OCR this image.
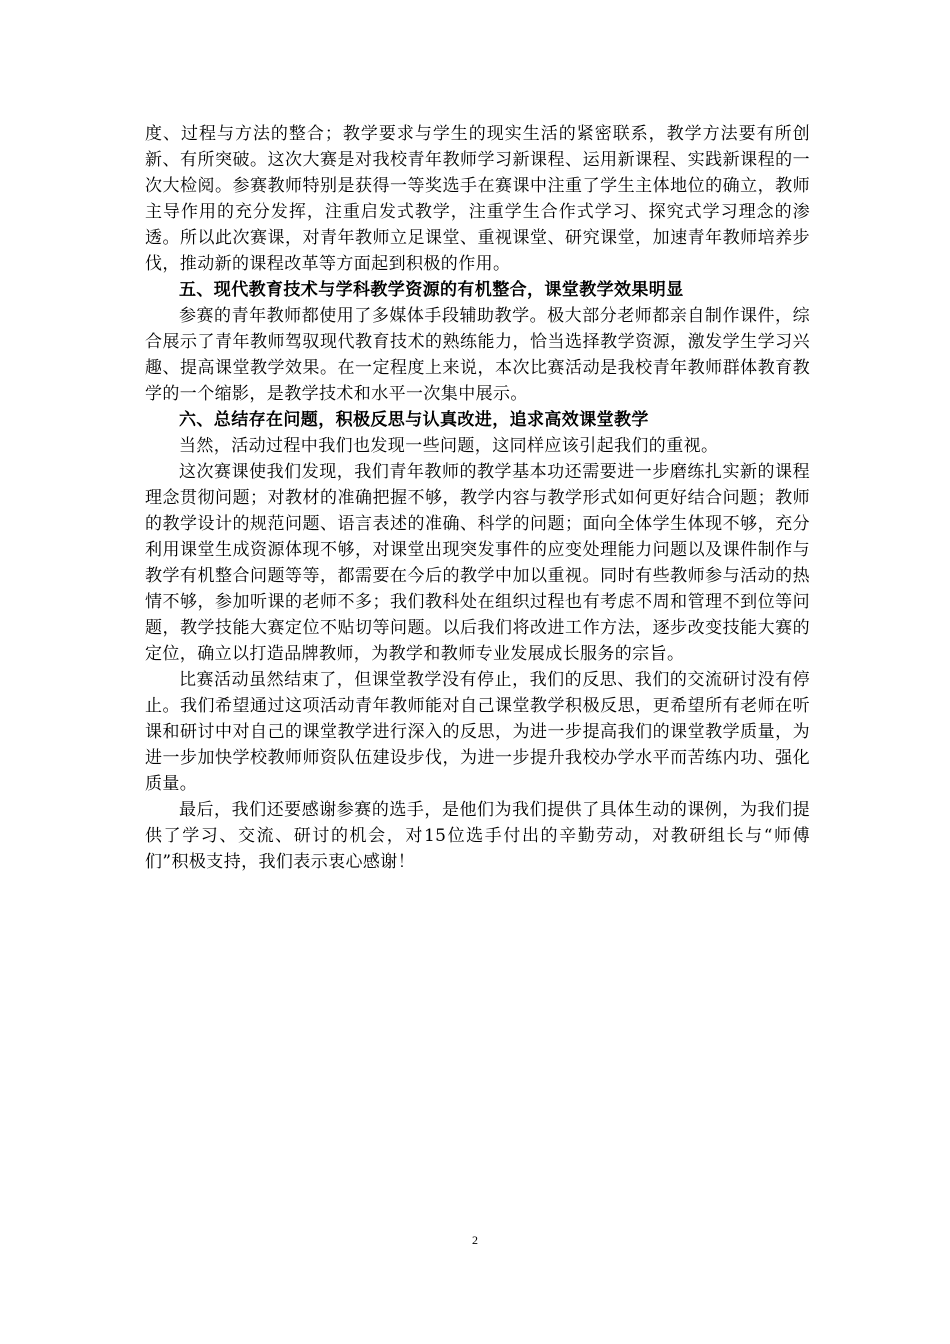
度、过程与方法的整合；教学要求与学生的现实生活的紧密联系，教学方法要有所创新、有所突破。这次大赛是对我校青年教师学习新课程、运用新课程、实践新课程的一次大检阅。参赛教师特别是获得一等奖选手在赛课中注重了学生主体地位的确立，教师主导作用的充分发挥，注重启发式教学，注重学生合作式学习、探究式学习理念的渗透。所以此次赛课，对青年教师立足课堂、重视课堂、研究课堂，加速青年教师培养步伐，推动新的课程改革等方面起到积极的作用。

五、现代教育技术与学科教学资源的有机整合，课堂教学效果明显

参赛的青年教师都使用了多媒体手段辅助教学。极大部分老师都亲自制作课件，综合展示了青年教师驾驭现代教育技术的熟练能力，恰当选择教学资源，激发学生学习兴趣、提高课堂教学效果。在一定程度上来说，本次比赛活动是我校青年教师群体教育教学的一个缩影，是教学技术和水平一次集中展示。

六、总结存在问题，积极反思与认真改进，追求高效课堂教学

当然，活动过程中我们也发现一些问题，这同样应该引起我们的重视。

这次赛课使我们发现，我们青年教师的教学基本功还需要进一步磨练扎实新的课程理念贯彻问题；对教材的准确把握不够，教学内容与教学形式如何更好结合问题；教师的教学设计的规范问题、语言表述的准确、科学的问题；面向全体学生体现不够，充分利用课堂生成资源体现不够，对课堂出现突发事件的应变处理能力问题以及课件制作与教学有机整合问题等等，都需要在今后的教学中加以重视。同时有些教师参与活动的热情不够，参加听课的老师不多；我们教科处在组织过程也有考虑不周和管理不到位等问题，教学技能大赛定位不贴切等问题。以后我们将改进工作方法，逐步改变技能大赛的定位，确立以打造品牌教师，为教学和教师专业发展成长服务的宗旨。

比赛活动虽然结束了，但课堂教学没有停止，我们的反思、我们的交流研讨没有停止。我们希望通过这项活动青年教师能对自己课堂教学积极反思，更希望所有老师在听课和研讨中对自己的课堂教学进行深入的反思，为进一步提高我们的课堂教学质量，为进一步加快学校教师师资队伍建设步伐，为进一步提升我校办学水平而苦练内功、强化质量。

最后，我们还要感谢参赛的选手，是他们为我们提供了具体生动的课例，为我们提供了学习、交流、研讨的机会，对15位选手付出的辛勤劳动，对教研组长与“师傅们”积极支持，我们表示衷心感谢！

2
